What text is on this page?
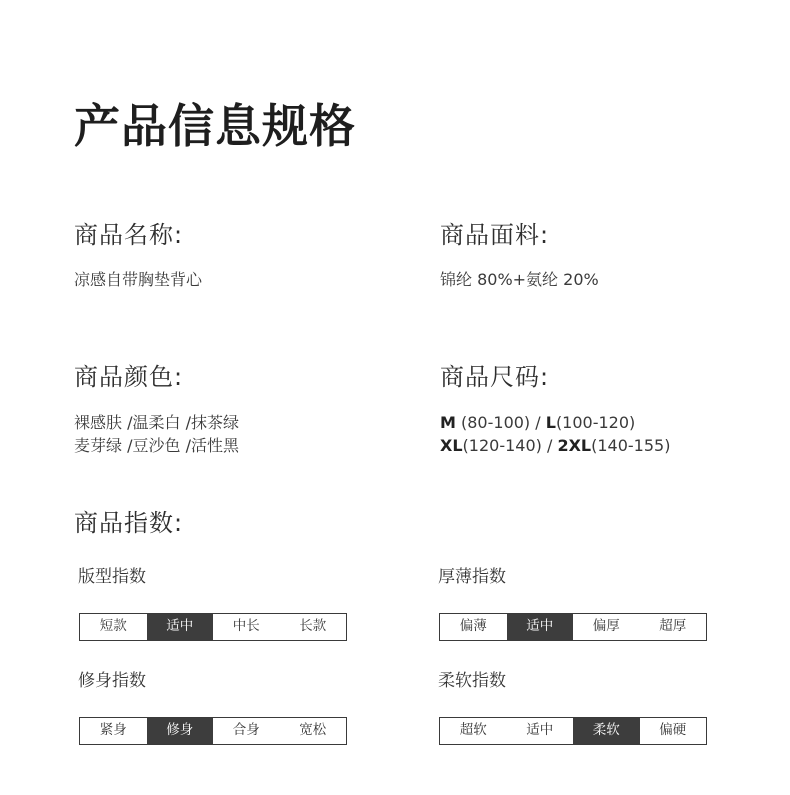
产品信息规格
商品名称:
凉感自带胸垫背心
商品面料:
锦纶 80%+氨纶 20%
商品颜色:
裸感肤 /温柔白 /抹茶绿
麦芽绿 /豆沙色 /活性黑
商品尺码:
M (80-100) / L(100-120)
XL(120-140) / 2XL(140-155)
商品指数:
版型指数
短款	适中	中长	长款
厚薄指数
偏薄	适中	偏厚	超厚
修身指数
紧身	修身	合身	宽松
柔软指数
超软	适中	柔软	偏硬
